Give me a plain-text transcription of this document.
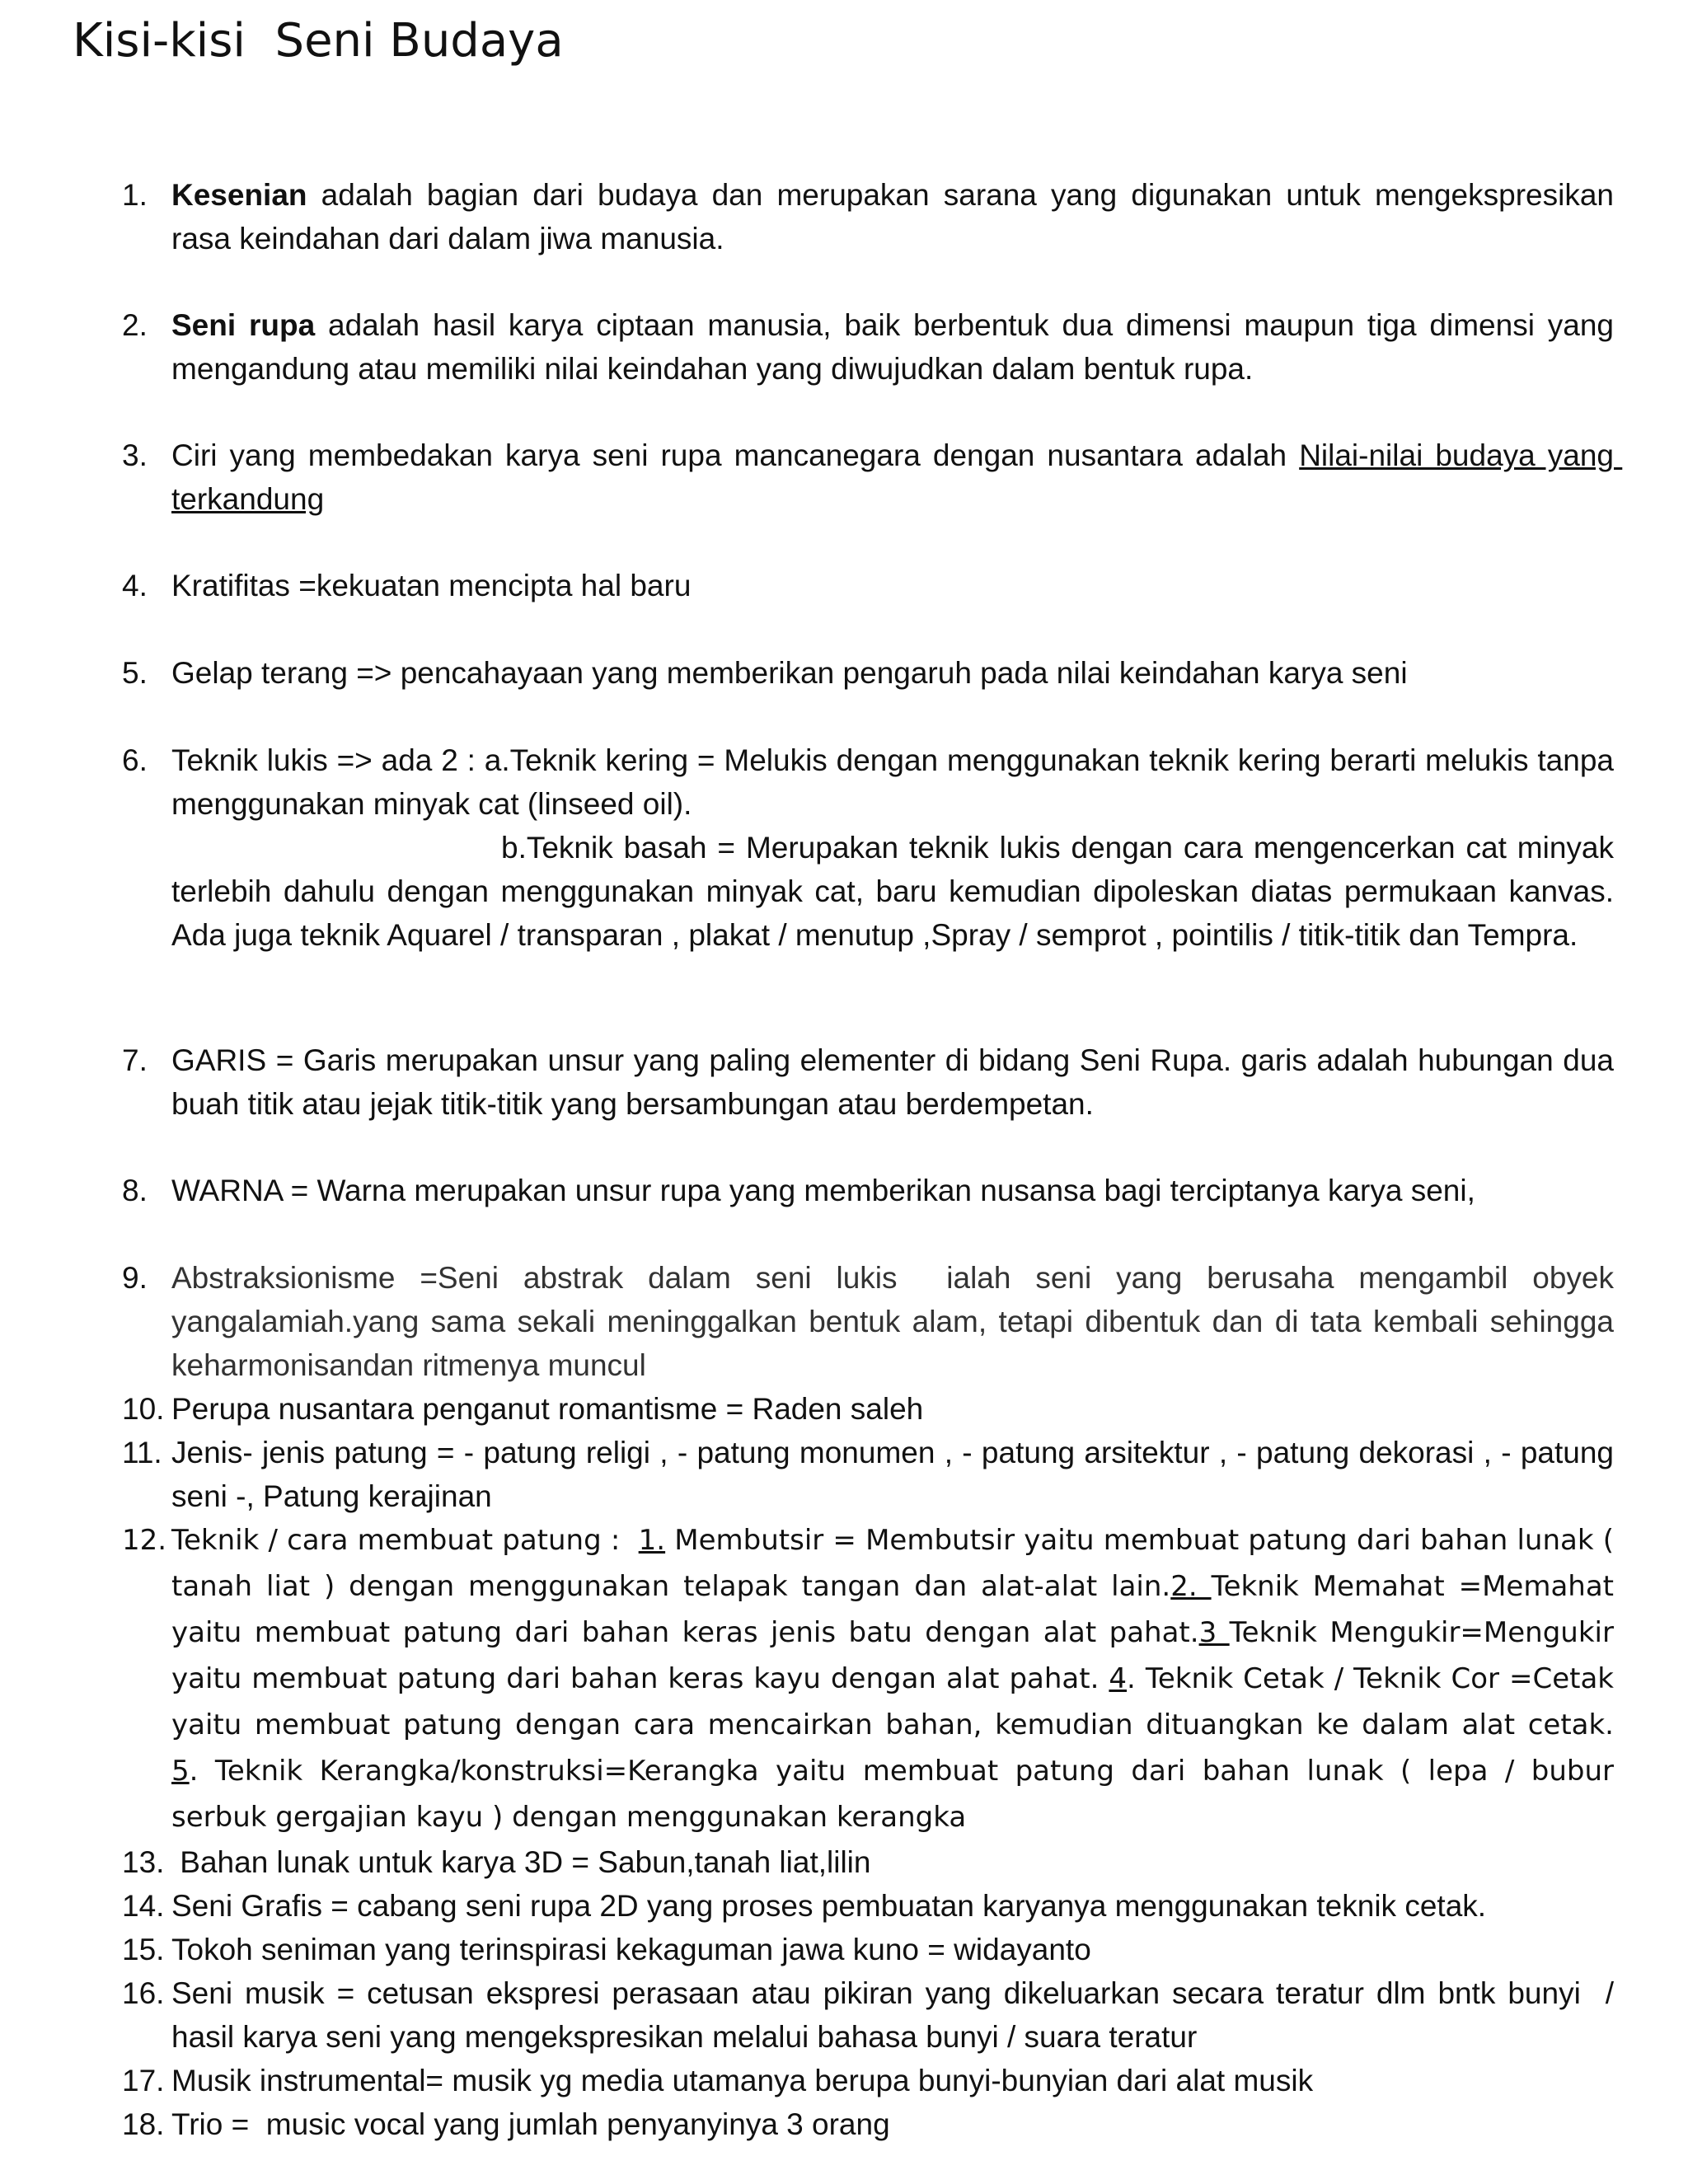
Kisi-kisi  Seni Budaya
1. Kesenian adalah bagian dari budaya dan merupakan sarana yang digunakan untuk mengekspresikan rasa keindahan dari dalam jiwa manusia.
2. Seni rupa adalah hasil karya ciptaan manusia, baik berbentuk dua dimensi maupun tiga dimensi yang mengandung atau memiliki nilai keindahan yang diwujudkan dalam bentuk rupa.
3. Ciri yang membedakan karya seni rupa mancanegara dengan nusantara adalah Nilai-nilai budaya yang terkandung
4. Kratifitas =kekuatan mencipta hal baru
5. Gelap terang => pencahayaan yang memberikan pengaruh pada nilai keindahan karya seni
6. Teknik lukis => ada 2 : a.Teknik kering = Melukis dengan menggunakan teknik kering berarti melukis tanpa menggunakan minyak cat (linseed oil).
b.Teknik basah = Merupakan teknik lukis dengan cara mengencerkan cat minyak terlebih dahulu dengan menggunakan minyak cat, baru kemudian dipoleskan diatas permukaan kanvas. Ada juga teknik Aquarel / transparan , plakat / menutup ,Spray / semprot , pointilis / titik-titik dan Tempra.
7. GARIS = Garis merupakan unsur yang paling elementer di bidang Seni Rupa. garis adalah hubungan dua buah titik atau jejak titik-titik yang bersambungan atau berdempetan.
8. WARNA = Warna merupakan unsur rupa yang memberikan nusansa bagi terciptanya karya seni,
9. Abstraksionisme =Seni abstrak dalam seni lukis  ialah seni yang berusaha mengambil obyek yangalamiah.yang sama sekali meninggalkan bentuk alam, tetapi dibentuk dan di tata kembali sehingga keharmonisandan ritmenya muncul
10. Perupa nusantara penganut romantisme = Raden saleh
11. Jenis- jenis patung = - patung religi , - patung monumen , - patung arsitektur , - patung dekorasi , - patung seni -, Patung kerajinan
12. Teknik / cara membuat patung :  1. Membutsir = Membutsir yaitu membuat patung dari bahan lunak ( tanah liat ) dengan menggunakan telapak tangan dan alat-alat lain.2. Teknik Memahat =Memahat yaitu membuat patung dari bahan keras jenis batu dengan alat pahat.3 Teknik Mengukir=Mengukir yaitu membuat patung dari bahan keras kayu dengan alat pahat. 4. Teknik Cetak / Teknik Cor =Cetak yaitu membuat patung dengan cara mencairkan bahan, kemudian dituangkan ke dalam alat cetak.   5. Teknik Kerangka/konstruksi=Kerangka yaitu membuat patung dari bahan lunak ( lepa / bubur serbuk gergajian kayu ) dengan menggunakan kerangka
13. Bahan lunak untuk karya 3D = Sabun,tanah liat,lilin
14. Seni Grafis = cabang seni rupa 2D yang proses pembuatan karyanya menggunakan teknik cetak.
15. Tokoh seniman yang terinspirasi kekaguman jawa kuno = widayanto
16. Seni musik = cetusan ekspresi perasaan atau pikiran yang dikeluarkan secara teratur dlm bntk bunyi  / hasil karya seni yang mengekspresikan melalui bahasa bunyi / suara teratur
17. Musik instrumental= musik yg media utamanya berupa bunyi-bunyian dari alat musik
18. Trio =  music vocal yang jumlah penyanyinya 3 orang
